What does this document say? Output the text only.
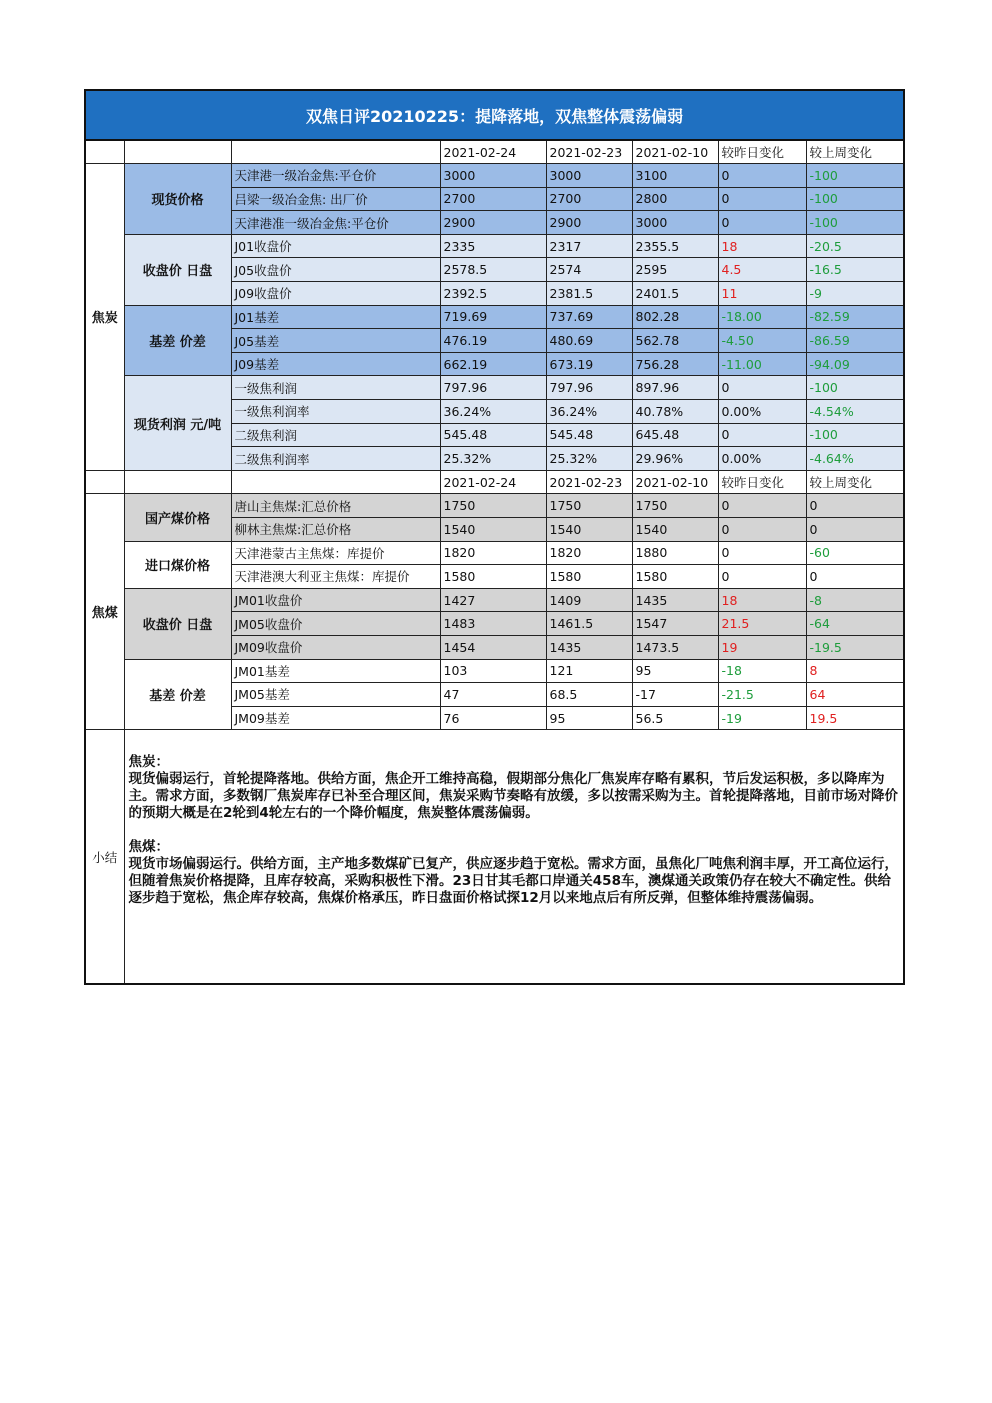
双焦日评20210225：提降落地，双焦整体震荡偏弱							
			2021-02-24	2021-02-23	2021-02-10	较昨日变化	较上周变化
焦炭	现货价格	天津港一级冶金焦:平仓价	3000	3000	3100	0	-100
		吕梁一级冶金焦: 出厂价	2700	2700	2800	0	-100
		天津港准一级冶金焦:平仓价	2900	2900	3000	0	-100
	收盘价 日盘	J01收盘价	2335	2317	2355.5	18	-20.5
		J05收盘价	2578.5	2574	2595	4.5	-16.5
		J09收盘价	2392.5	2381.5	2401.5	11	-9
	基差 价差	J01基差	719.69	737.69	802.28	-18.00	-82.59
		J05基差	476.19	480.69	562.78	-4.50	-86.59
		J09基差	662.19	673.19	756.28	-11.00	-94.09
	现货利润 元/吨	一级焦利润	797.96	797.96	897.96	0	-100
		一级焦利润率	36.24%	36.24%	40.78%	0.00%	-4.54%
		二级焦利润	545.48	545.48	645.48	0	-100
		二级焦利润率	25.32%	25.32%	29.96%	0.00%	-4.64%
			2021-02-24	2021-02-23	2021-02-10	较昨日变化	较上周变化
焦煤	国产煤价格	唐山主焦煤:汇总价格	1750	1750	1750	0	0
		柳林主焦煤:汇总价格	1540	1540	1540	0	0
	进口煤价格	天津港蒙古主焦煤：库提价	1820	1820	1880	0	-60
		天津港澳大利亚主焦煤：库提价	1580	1580	1580	0	0
	收盘价 日盘	JM01收盘价	1427	1409	1435	18	-8
		JM05收盘价	1483	1461.5	1547	21.5	-64
		JM09收盘价	1454	1435	1473.5	19	-19.5
	基差 价差	JM01基差	103	121	95	-18	8
		JM05基差	47	68.5	-17	-21.5	64
		JM09基差	76	95	56.5	-19	19.5
小结	焦炭：

现货偏弱运行，首轮提降落地。供给方面，焦企开工维持高稳，假期部分焦化厂焦炭库存略有累积，节后发运积极，多以降库为主。需求方面，多数钢厂焦炭库存已补至合理区间，焦炭采购节奏略有放缓，多以按需采购为主。首轮提降落地，目前市场对降价的预期大概是在2轮到4轮左右的一个降价幅度，焦炭整体震荡偏弱。

焦煤：

现货市场偏弱运行。供给方面，主产地多数煤矿已复产，供应逐步趋于宽松。需求方面，虽焦化厂吨焦利润丰厚，开工高位运行，但随着焦炭价格提降，且库存较高，采购积极性下滑。23日甘其毛都口岸通关458车，澳煤通关政策仍存在较大不确定性。供给逐步趋于宽松，焦企库存较高，焦煤价格承压，昨日盘面价格试探12月以来地点后有所反弹，但整体维持震荡偏弱。						
